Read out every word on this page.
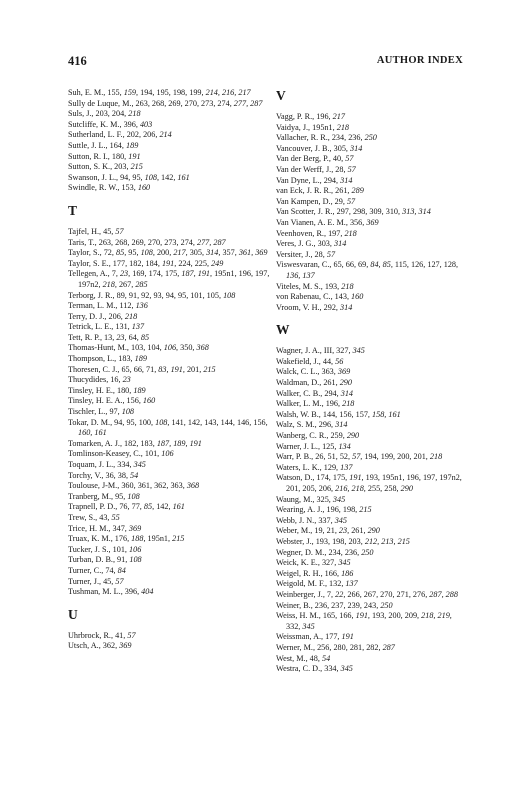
416	AUTHOR INDEX
Suh, E. M., 155, 159, 194, 195, 198, 199, 214, 216, 217
Sully de Luque, M., 263, 268, 269, 270, 273, 274, 277, 287
Suls, J., 203, 204, 218
Sutcliffe, K. M., 396, 403
Sutherland, L. F., 202, 206, 214
Suttle, J. L., 164, 189
Sutton, R. I., 180, 191
Sutton, S. K., 203, 215
Swanson, J. L., 94, 95, 108, 142, 161
Swindle, R. W., 153, 160
T
Tajfel, H., 45, 57
Taris, T., 263, 268, 269, 270, 273, 274, 277, 287
Taylor, S., 72, 85, 95, 108, 200, 217, 305, 314, 357, 361, 369
Taylor, S. E., 177, 182, 184, 191, 224, 225, 249
Tellegen, A., 7, 23, 169, 174, 175, 187, 191, 195n1, 196, 197, 197n2, 218, 267, 285
Terborg, J. R., 89, 91, 92, 93, 94, 95, 101, 105, 108
Terman, L. M., 112, 136
Terry, D. J., 206, 218
Tetrick, L. E., 131, 137
Tett, R. P., 13, 23, 64, 85
Thomas-Hunt, M., 103, 104, 106, 350, 368
Thompson, L., 183, 189
Thoresen, C. J., 65, 66, 71, 83, 191, 201, 215
Thucydides, 16, 23
Tinsley, H. E., 180, 189
Tinsley, H. E. A., 156, 160
Tischler, L., 97, 108
Tokar, D. M., 94, 95, 100, 108, 141, 142, 143, 144, 146, 156, 160, 161
Tomarken, A. J., 182, 183, 187, 189, 191
Tomlinson-Keasey, C., 101, 106
Toquam, J. L., 334, 345
Torchy, V., 36, 38, 54
Toulouse, J-M., 360, 361, 362, 363, 368
Tranberg, M., 95, 108
Trapnell, P. D., 76, 77, 85, 142, 161
Trew, S., 43, 55
Trice, H. M., 347, 369
Truax, K. M., 176, 188, 195n1, 215
Tucker, J. S., 101, 106
Turban, D. B., 91, 108
Turner, C., 74, 84
Turner, J., 45, 57
Tushman, M. L., 396, 404
U
Uhrbrock, R., 41, 57
Utsch, A., 362, 369
V
Vagg, P. R., 196, 217
Vaidya, J., 195n1, 218
Vallacher, R. R., 234, 236, 250
Vancouver, J. B., 305, 314
Van der Berg, P., 40, 57
Van der Werff, J., 28, 57
Van Dyne, L., 294, 314
van Eck, J. R. R., 261, 289
Van Kampen, D., 29, 57
Van Scotter, J. R., 297, 298, 309, 310, 313, 314
Van Vianen, A. E. M., 356, 369
Veenhoven, R., 197, 218
Veres, J. G., 303, 314
Versiter, J., 28, 57
Viswesvaran, C., 65, 66, 69, 84, 85, 115, 126, 127, 128, 136, 137
Viteles, M. S., 193, 218
von Rabenau, C., 143, 160
Vroom, V. H., 292, 314
W
Wagner, J. A., III, 327, 345
Wakefield, J., 44, 56
Walck, C. L., 363, 369
Waldman, D., 261, 290
Walker, C. B., 294, 314
Walker, L. M., 196, 218
Walsh, W. B., 144, 156, 157, 158, 161
Walz, S. M., 296, 314
Wanberg, C. R., 259, 290
Warner, J. L., 125, 134
Warr, P. B., 26, 51, 52, 57, 194, 199, 200, 201, 218
Waters, L. K., 129, 137
Watson, D., 174, 175, 191, 193, 195n1, 196, 197, 197n2, 201, 205, 206, 216, 218, 255, 258, 290
Waung, M., 325, 345
Wearing, A. J., 196, 198, 215
Webb, J. N., 337, 345
Weber, M., 19, 21, 23, 261, 290
Webster, J., 193, 198, 203, 212, 213, 215
Wegner, D. M., 234, 236, 250
Weick, K. E., 327, 345
Weigel, R. H., 166, 186
Weigold, M. F., 132, 137
Weinberger, J., 7, 22, 266, 267, 270, 271, 276, 287, 288
Weiner, B., 236, 237, 239, 243, 250
Weiss, H. M., 165, 166, 191, 193, 200, 209, 218, 219, 332, 345
Weissman, A., 177, 191
Werner, M., 256, 280, 281, 282, 287
West, M., 48, 54
Westra, C. D., 334, 345
